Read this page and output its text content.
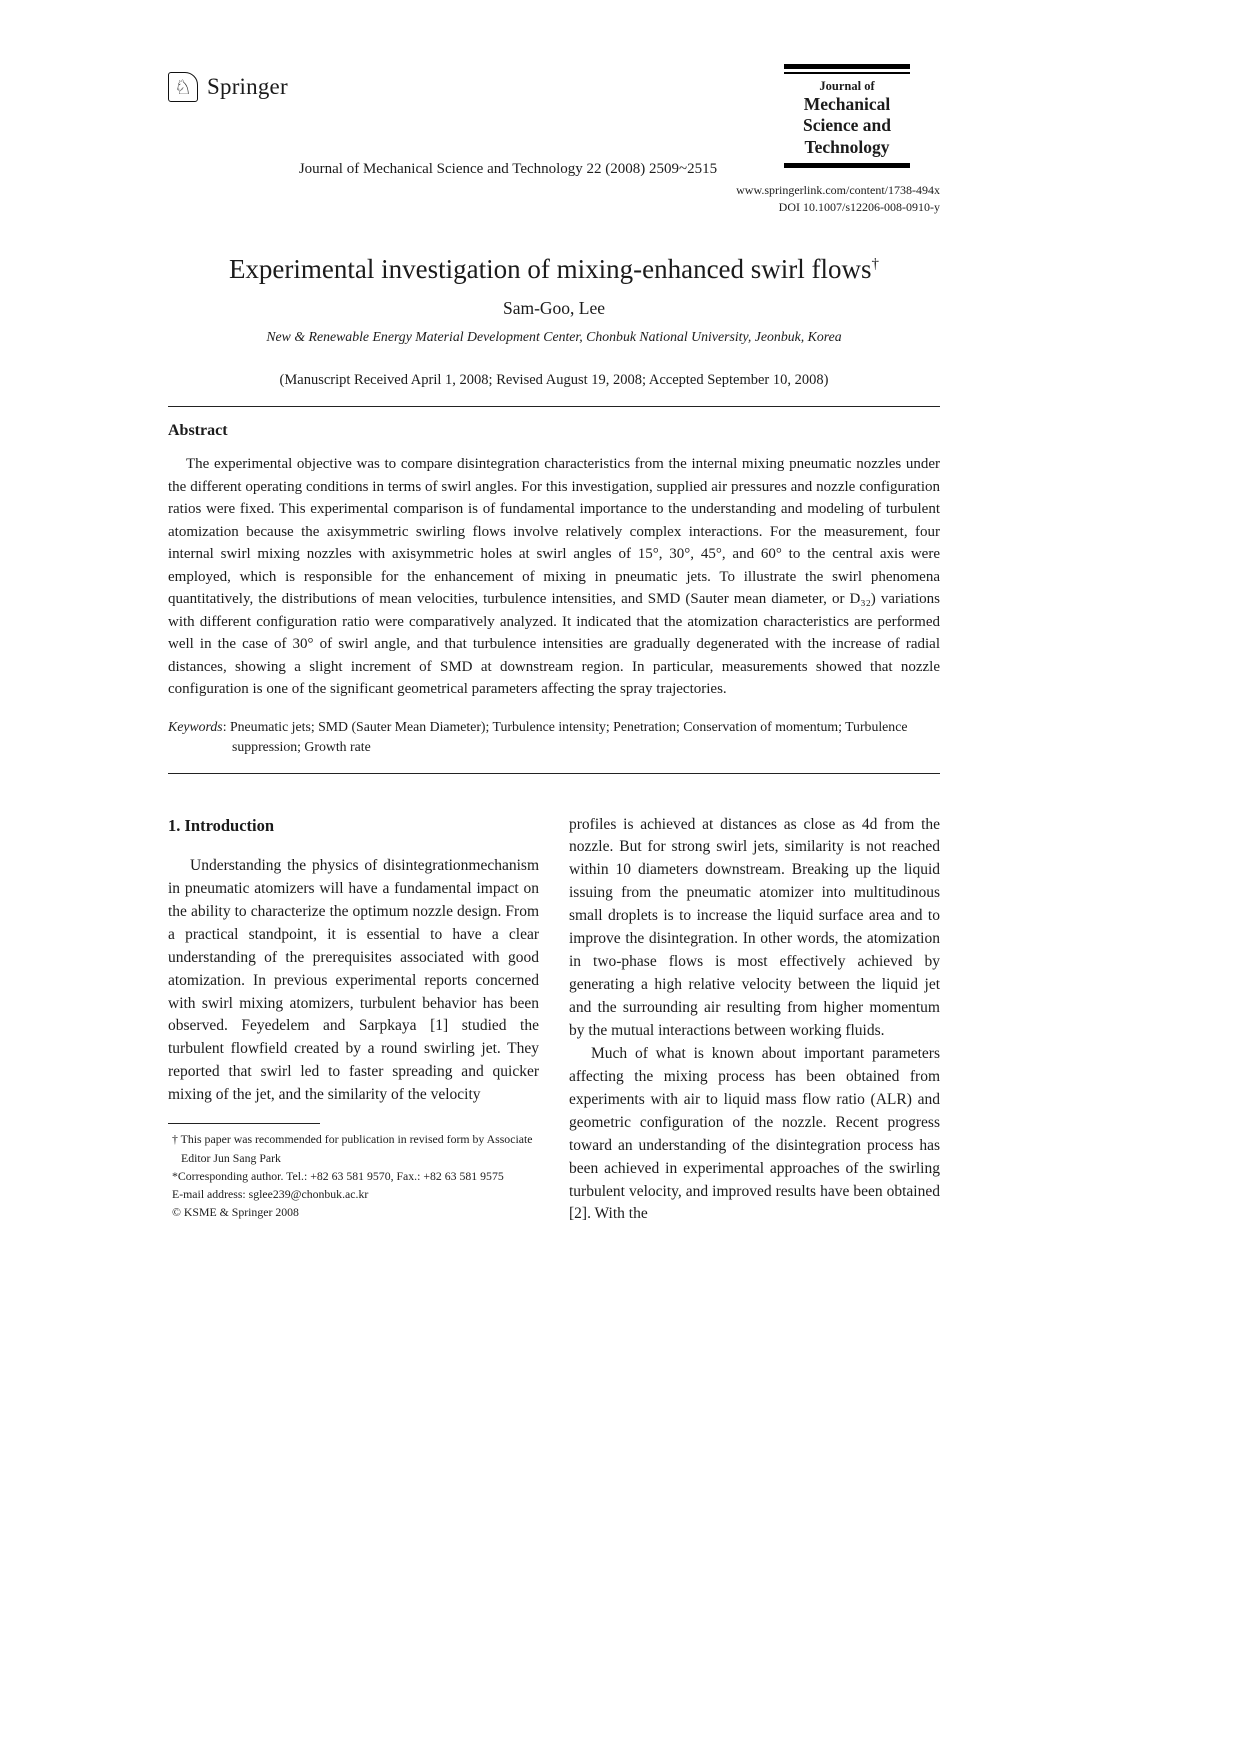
♘ Springer
Journal of Mechanical Science and Technology 22 (2008) 2509~2515
Journal of
Mechanical
Science and
Technology
www.springerlink.com/content/1738-494x
DOI 10.1007/s12206-008-0910-y
Experimental investigation of mixing-enhanced swirl flows†
Sam-Goo, Lee
New & Renewable Energy Material Development Center, Chonbuk National University, Jeonbuk, Korea
(Manuscript Received April 1, 2008; Revised August 19, 2008; Accepted September 10, 2008)
Abstract

The experimental objective was to compare disintegration characteristics from the internal mixing pneumatic nozzles under the different operating conditions in terms of swirl angles. For this investigation, supplied air pressures and nozzle configuration ratios were fixed. This experimental comparison is of fundamental importance to the understanding and modeling of turbulent atomization because the axisymmetric swirling flows involve relatively complex interactions. For the measurement, four internal swirl mixing nozzles with axisymmetric holes at swirl angles of 15°, 30°, 45°, and 60° to the central axis were employed, which is responsible for the enhancement of mixing in pneumatic jets. To illustrate the swirl phenomena quantitatively, the distributions of mean velocities, turbulence intensities, and SMD (Sauter mean diameter, or D₃₂) variations with different configuration ratio were comparatively analyzed. It indicated that the atomization characteristics are performed well in the case of 30° of swirl angle, and that turbulence intensities are gradually degenerated with the increase of radial distances, showing a slight increment of SMD at downstream region. In particular, measurements showed that nozzle configuration is one of the significant geometrical parameters affecting the spray trajectories.

Keywords: Pneumatic jets; SMD (Sauter Mean Diameter); Turbulence intensity; Penetration; Conservation of momentum; Turbulence suppression; Growth rate

1. Introduction

Understanding the physics of disintegrationmechanism in pneumatic atomizers will have a fundamental impact on the ability to characterize the optimum nozzle design. From a practical standpoint, it is essential to have a clear understanding of the prerequisites associated with good atomization. In previous experimental reports concerned with swirl mixing atomizers, turbulent behavior has been observed. Feyedelem and Sarpkaya [1] studied the turbulent flowfield created by a round swirling jet. They reported that swirl led to faster spreading and quicker mixing of the jet, and the similarity of the velocity

† This paper was recommended for publication in revised form by Associate Editor Jun Sang Park

*Corresponding author. Tel.: +82 63 581 9570, Fax.: +82 63 581 9575

E-mail address: sglee239@chonbuk.ac.kr

© KSME & Springer 2008

profiles is achieved at distances as close as 4d from the nozzle. But for strong swirl jets, similarity is not reached within 10 diameters downstream. Breaking up the liquid issuing from the pneumatic atomizer into multitudinous small droplets is to increase the liquid surface area and to improve the disintegration. In other words, the atomization in two-phase flows is most effectively achieved by generating a high relative velocity between the liquid jet and the surrounding air resulting from higher momentum by the mutual interactions between working fluids.

Much of what is known about important parameters affecting the mixing process has been obtained from experiments with air to liquid mass flow ratio (ALR) and geometric configuration of the nozzle. Recent progress toward an understanding of the disintegration process has been achieved in experimental approaches of the swirling turbulent velocity, and improved results have been obtained [2]. With the
